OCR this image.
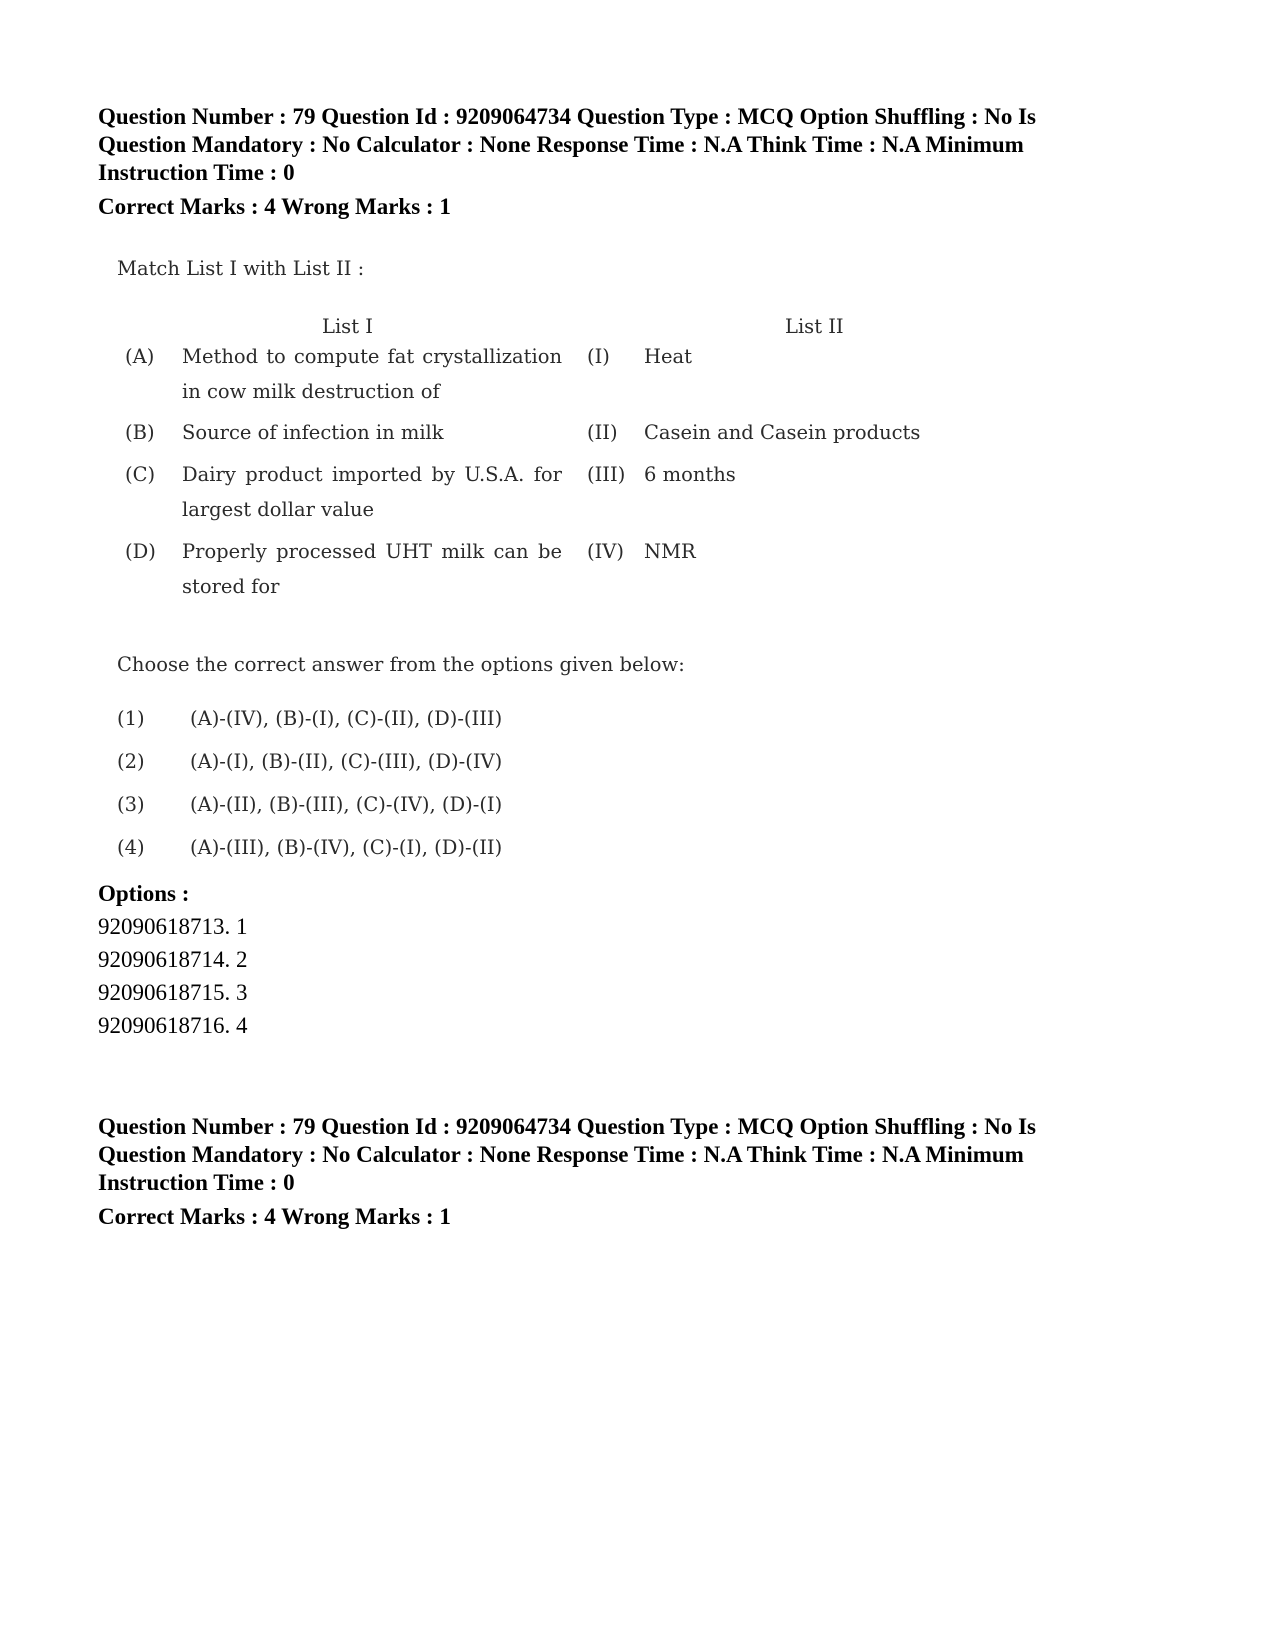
Question Number : 79 Question Id : 9209064734 Question Type : MCQ Option Shuffling : No Is
Question Mandatory : No Calculator : None Response Time : N.A Think Time : N.A Minimum
Instruction Time : 0
Correct Marks : 4 Wrong Marks : 1
Match List I with List II :
List I	List II
(A) Method to compute fat crystallization in cow milk destruction of
(I) Heat
(B) Source of infection in milk	(II) Casein and Casein products
(C) Dairy product imported by U.S.A. for largest dollar value
(III) 6 months
(D) Properly processed UHT milk can be stored for
(IV) NMR
Choose the correct answer from the options given below:
(1) (A)-(IV), (B)-(I), (C)-(II), (D)-(III)
(2) (A)-(I), (B)-(II), (C)-(III), (D)-(IV)
(3) (A)-(II), (B)-(III), (C)-(IV), (D)-(I)
(4) (A)-(III), (B)-(IV), (C)-(I), (D)-(II)
Options :
92090618713. 1
92090618714. 2
92090618715. 3
92090618716. 4
Question Number : 79 Question Id : 9209064734 Question Type : MCQ Option Shuffling : No Is
Question Mandatory : No Calculator : None Response Time : N.A Think Time : N.A Minimum
Instruction Time : 0
Correct Marks : 4 Wrong Marks : 1
